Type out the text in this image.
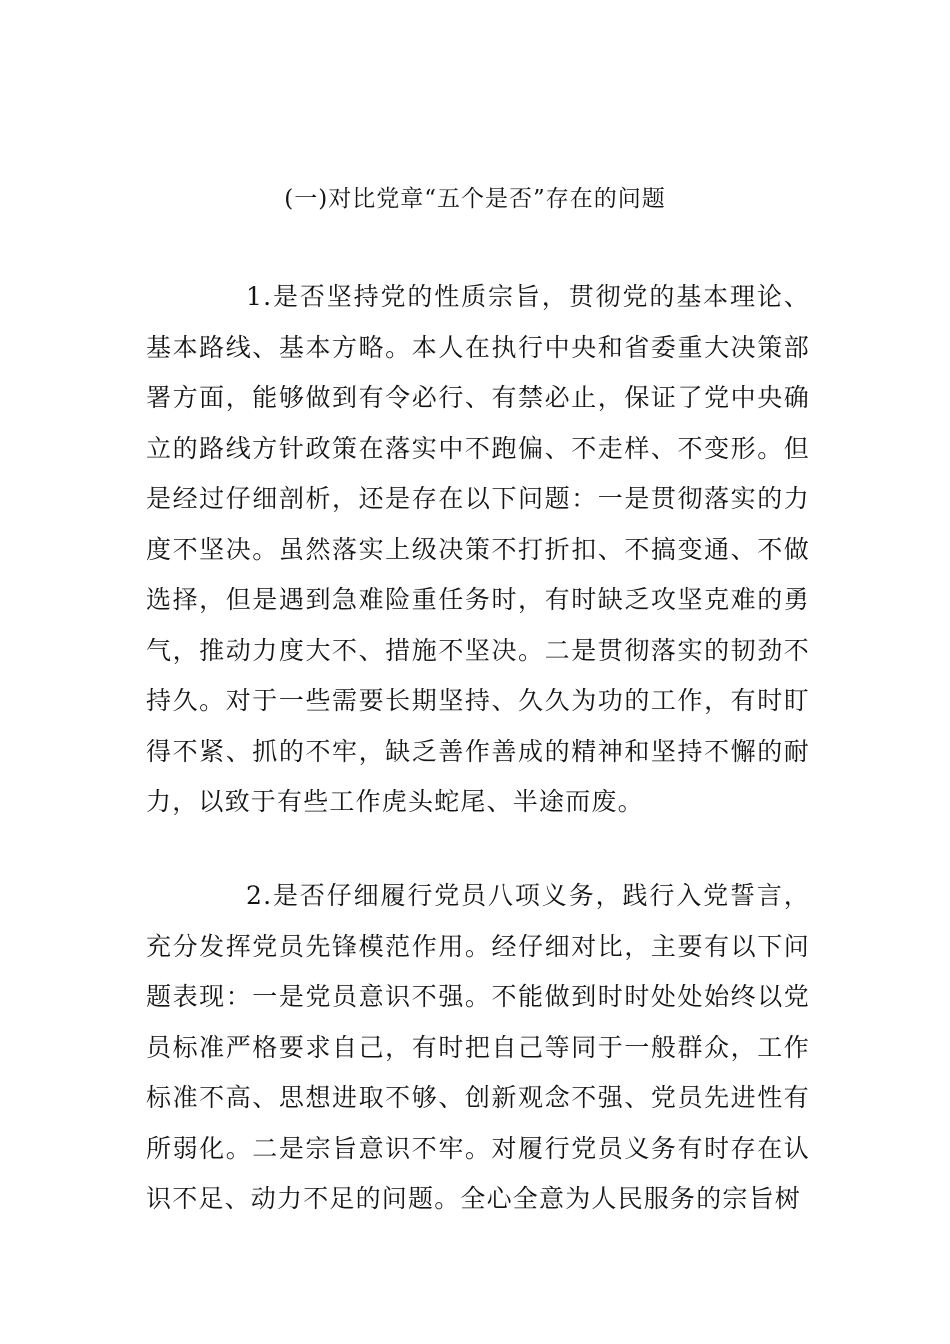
(一)对比党章“五个是否”存在的问题

1.是否坚持党的性质宗旨，贯彻党的基本理论、基本路线、基本方略。本人在执行中央和省委重大决策部署方面，能够做到有令必行、有禁必止，保证了党中央确立的路线方针政策在落实中不跑偏、不走样、不变形。但是经过仔细剖析，还是存在以下问题：一是贯彻落实的力度不坚决。虽然落实上级决策不打折扣、不搞变通、不做选择，但是遇到急难险重任务时，有时缺乏攻坚克难的勇气，推动力度大不、措施不坚决。二是贯彻落实的韧劲不持久。对于一些需要长期坚持、久久为功的工作，有时盯得不紧、抓的不牢，缺乏善作善成的精神和坚持不懈的耐力，以致于有些工作虎头蛇尾、半途而废。

2.是否仔细履行党员八项义务，践行入党誓言，充分发挥党员先锋模范作用。经仔细对比，主要有以下问题表现：一是党员意识不强。不能做到时时处处始终以党员标准严格要求自己，有时把自己等同于一般群众，工作标准不高、思想进取不够、创新观念不强、党员先进性有所弱化。二是宗旨意识不牢。对履行党员义务有时存在认识不足、动力不足的问题。全心全意为人民服务的宗旨树
